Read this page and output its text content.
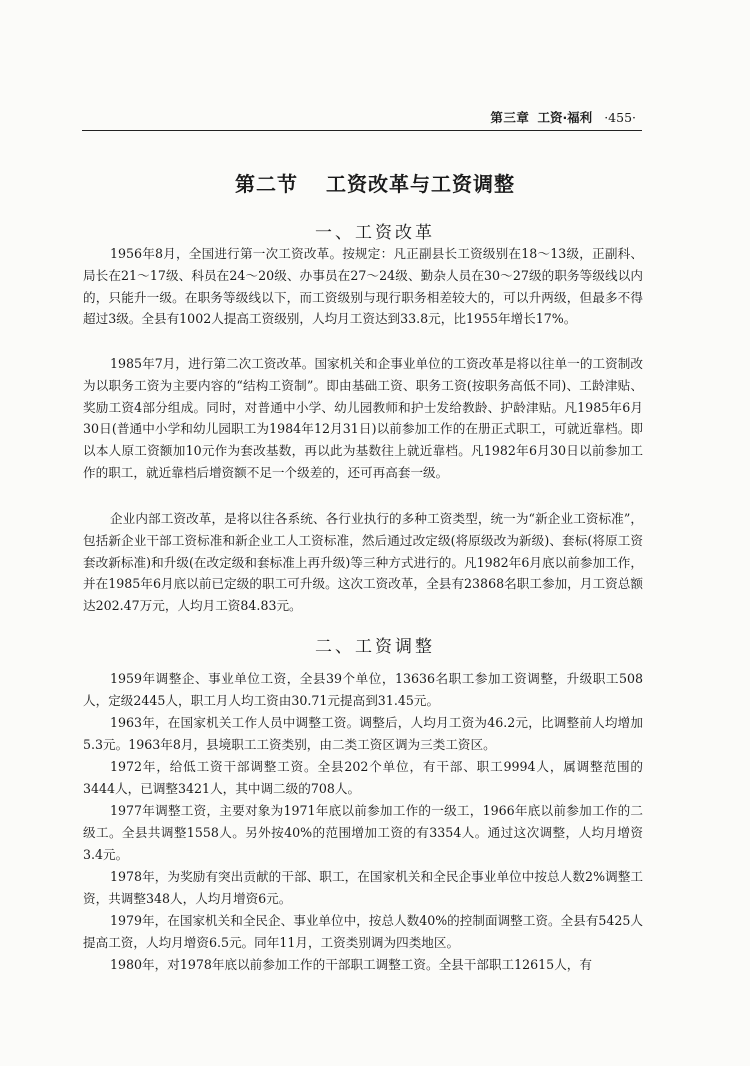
第三章 工资·福利 ·455·
第二节 工资改革与工资调整
一、工资改革

1956年8月，全国进行第一次工资改革。按规定：凡正副县长工资级别在18～13级，正副科、局长在21～17级、科员在24～20级、办事员在27～24级、勤杂人员在30～27级的职务等级线以内的，只能升一级。在职务等级线以下，而工资级别与现行职务相差较大的，可以升两级，但最多不得超过3级。全县有1002人提高工资级别，人均月工资达到33.8元，比1955年增长17%。

1985年7月，进行第二次工资改革。国家机关和企事业单位的工资改革是将以往单一的工资制改为以职务工资为主要内容的“结构工资制”。即由基础工资、职务工资(按职务高低不同)、工龄津贴、奖励工资4部分组成。同时，对普通中小学、幼儿园教师和护士发给教龄、护龄津贴。凡1985年6月30日(普通中小学和幼儿园职工为1984年12月31日)以前参加工作的在册正式职工，可就近靠档。即以本人原工资额加10元作为套改基数，再以此为基数往上就近靠档。凡1982年6月30日以前参加工作的职工，就近靠档后增资额不足一个级差的，还可再高套一级。

企业内部工资改革，是将以往各系统、各行业执行的多种工资类型，统一为“新企业工资标准”，包括新企业干部工资标准和新企业工人工资标准，然后通过改定级(将原级改为新级)、套标(将原工资套改新标准)和升级(在改定级和套标准上再升级)等三种方式进行的。凡1982年6月底以前参加工作，并在1985年6月底以前已定级的职工可升级。这次工资改革，全县有23868名职工参加，月工资总额达202.47万元，人均月工资84.83元。

二、工资调整

1959年调整企、事业单位工资，全县39个单位，13636名职工参加工资调整，升级职工508人，定级2445人，职工月人均工资由30.71元提高到31.45元。

1963年，在国家机关工作人员中调整工资。调整后，人均月工资为46.2元，比调整前人均增加5.3元。1963年8月，县境职工工资类别，由二类工资区调为三类工资区。

1972年，给低工资干部调整工资。全县202个单位，有干部、职工9994人，属调整范围的3444人，已调整3421人，其中调二级的708人。

1977年调整工资，主要对象为1971年底以前参加工作的一级工，1966年底以前参加工作的二级工。全县共调整1558人。另外按40%的范围增加工资的有3354人。通过这次调整，人均月增资3.4元。

1978年，为奖励有突出贡献的干部、职工，在国家机关和全民企事业单位中按总人数2%调整工资，共调整348人，人均月增资6元。

1979年，在国家机关和全民企、事业单位中，按总人数40%的控制面调整工资。全县有5425人提高工资，人均月增资6.5元。同年11月，工资类别调为四类地区。

1980年，对1978年底以前参加工作的干部职工调整工资。全县干部职工12615人，有
